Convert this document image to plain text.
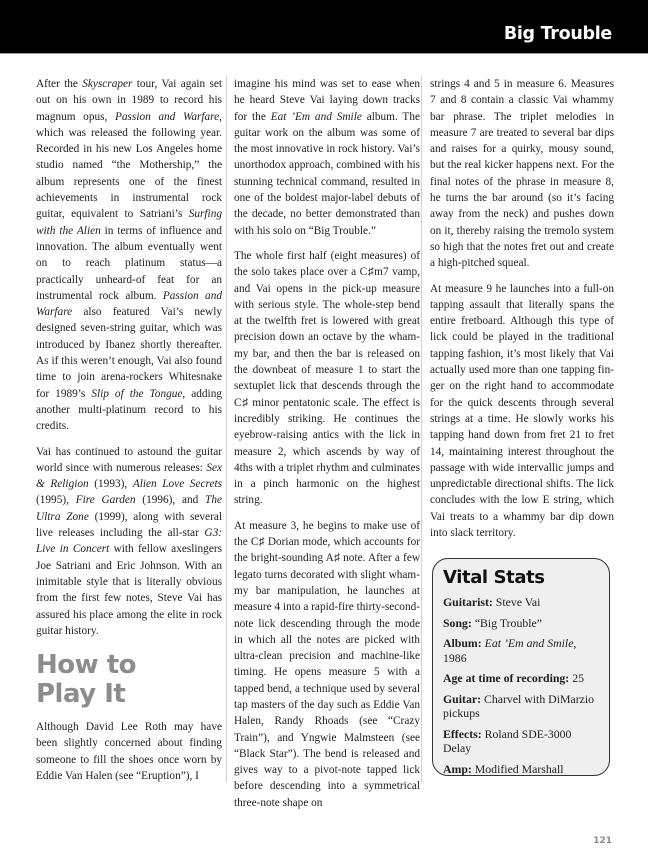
Big Trouble

After the Skyscraper tour, Vai again set out on his own in 1989 to record his magnum opus, Passion and Warfare, which was released the following year. Recorded in his new Los Angeles home studio named “the Mothership,” the album represents one of the finest achievements in instrumental rock guitar, equivalent to Satriani’s Surfing with the Alien in terms of influence and innovation. The album eventually went on to reach platinum status—a practically unheard-of feat for an instrumental rock album. Passion and Warfare also featured Vai’s newly designed seven-string guitar, which was introduced by Ibanez shortly thereafter. As if this weren’t enough, Vai also found time to join arena-rockers Whitesnake for 1989’s Slip of the Tongue, adding another multi-platinum record to his credits.

Vai has continued to astound the guitar world since with numerous releases: Sex & Religion (1993), Alien Love Secrets (1995), Fire Garden (1996), and The Ultra Zone (1999), along with several live releases including the all-star G3: Live in Concert with fellow axeslingers Joe Satriani and Eric Johnson. With an inimitable style that is literally obvious from the first few notes, Steve Vai has assured his place among the elite in rock guitar history.

How to
Play It

Although David Lee Roth may have been slightly concerned about finding someone to fill the shoes once worn by Eddie Van Halen (see “Eruption”), I

imagine his mind was set to ease when he heard Steve Vai laying down tracks for the Eat ’Em and Smile album. The guitar work on the album was some of the most innovative in rock history. Vai’s unorthodox approach, combined with his stunning technical command, resulted in one of the boldest major-label debuts of the decade, no better demonstrated than with his solo on “Big Trouble.”

The whole first half (eight measures) of the solo takes place over a C♯m7 vamp, and Vai opens in the pick-up measure with serious style. The whole-step bend at the twelfth fret is lowered with great precision down an octave by the whammy bar, and then the bar is released on the downbeat of measure 1 to start the sextuplet lick that descends through the C♯ minor pentatonic scale. The effect is incredibly striking. He continues the eyebrow-raising antics with the lick in measure 2, which ascends by way of 4ths with a triplet rhythm and culminates in a pinch harmonic on the highest string.

At measure 3, he begins to make use of the C♯ Dorian mode, which accounts for the bright-sounding A♯ note. After a few legato turns decorated with slight whammy bar manipulation, he launches at measure 4 into a rapid-fire thirty-second-note lick descending through the mode in which all the notes are picked with ultra-clean precision and machine-like timing. He opens measure 5 with a tapped bend, a technique used by several tap masters of the day such as Eddie Van Halen, Randy Rhoads (see “Crazy Train”), and Yngwie Malmsteen (see “Black Star”). The bend is released and gives way to a pivot-note tapped lick before descending into a symmetrical three-note shape on

strings 4 and 5 in measure 6. Measures 7 and 8 contain a classic Vai whammy bar phrase. The triplet melodies in measure 7 are treated to several bar dips and raises for a quirky, mousy sound, but the real kicker happens next. For the final notes of the phrase in measure 8, he turns the bar around (so it’s facing away from the neck) and pushes down on it, thereby raising the tremolo system so high that the notes fret out and create a high-pitched squeal.

At measure 9 he launches into a full-on tapping assault that literally spans the entire fretboard. Although this type of lick could be played in the traditional tapping fashion, it’s most likely that Vai actually used more than one tapping finger on the right hand to accommodate for the quick descents through several strings at a time. He slowly works his tapping hand down from fret 21 to fret 14, maintaining interest throughout the passage with wide intervallic jumps and unpredictable directional shifts. The lick concludes with the low E string, which Vai treats to a whammy bar dip down into slack territory.

Vital Stats
Guitarist: Steve Vai
Song: “Big Trouble”
Album: Eat ’Em and Smile,
1986
Age at time of recording: 25
Guitar: Charvel with DiMarzio pickups
Effects: Roland SDE-3000 Delay
Amp: Modified Marshall
121
